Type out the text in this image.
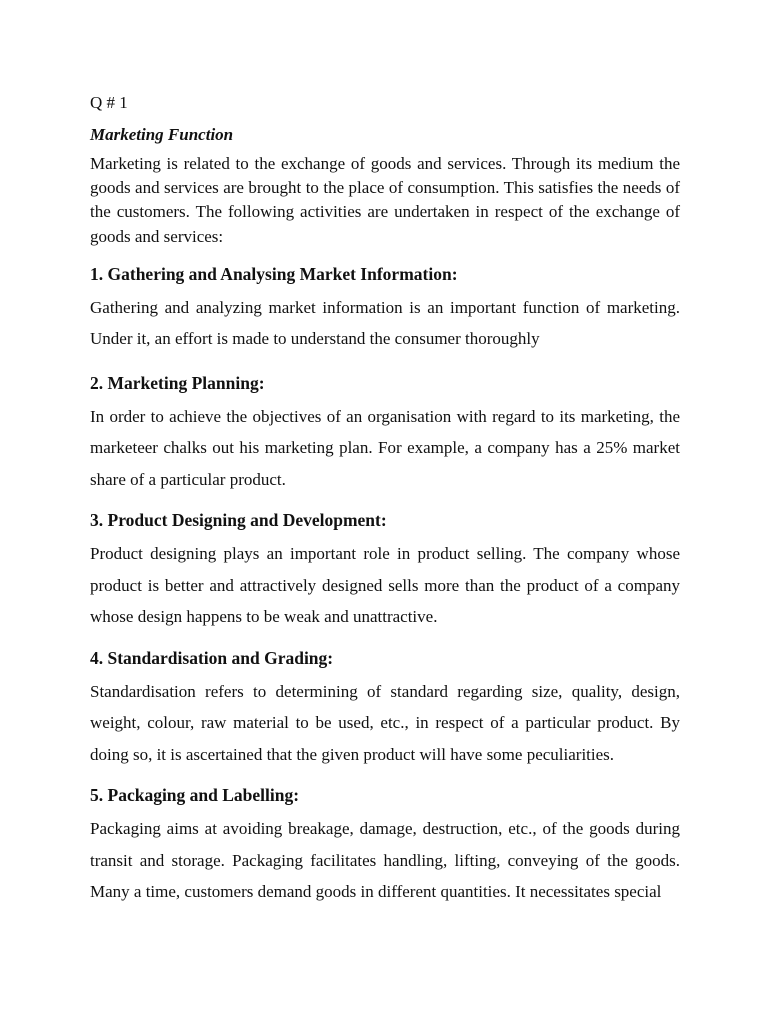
Q # 1
Marketing Function
Marketing is related to the exchange of goods and services. Through its medium the goods and services are brought to the place of consumption. This satisfies the needs of the customers. The following activities are undertaken in respect of the exchange of goods and services:
1. Gathering and Analysing Market Information:
Gathering and analyzing market information is an important function of marketing. Under it, an effort is made to understand the consumer thoroughly
2. Marketing Planning:
In order to achieve the objectives of an organisation with regard to its marketing, the marketeer chalks out his marketing plan. For example, a company has a 25% market share of a particular product.
3. Product Designing and Development:
Product designing plays an important role in product selling. The company whose product is better and attractively designed sells more than the product of a company whose design happens to be weak and unattractive.
4. Standardisation and Grading:
Standardisation refers to determining of standard regarding size, quality, design, weight, colour, raw material to be used, etc., in respect of a particular product. By doing so, it is ascertained that the given product will have some peculiarities.
5. Packaging and Labelling:
Packaging aims at avoiding breakage, damage, destruction, etc., of the goods during transit and storage. Packaging facilitates handling, lifting, conveying of the goods. Many a time, customers demand goods in different quantities. It necessitates special
